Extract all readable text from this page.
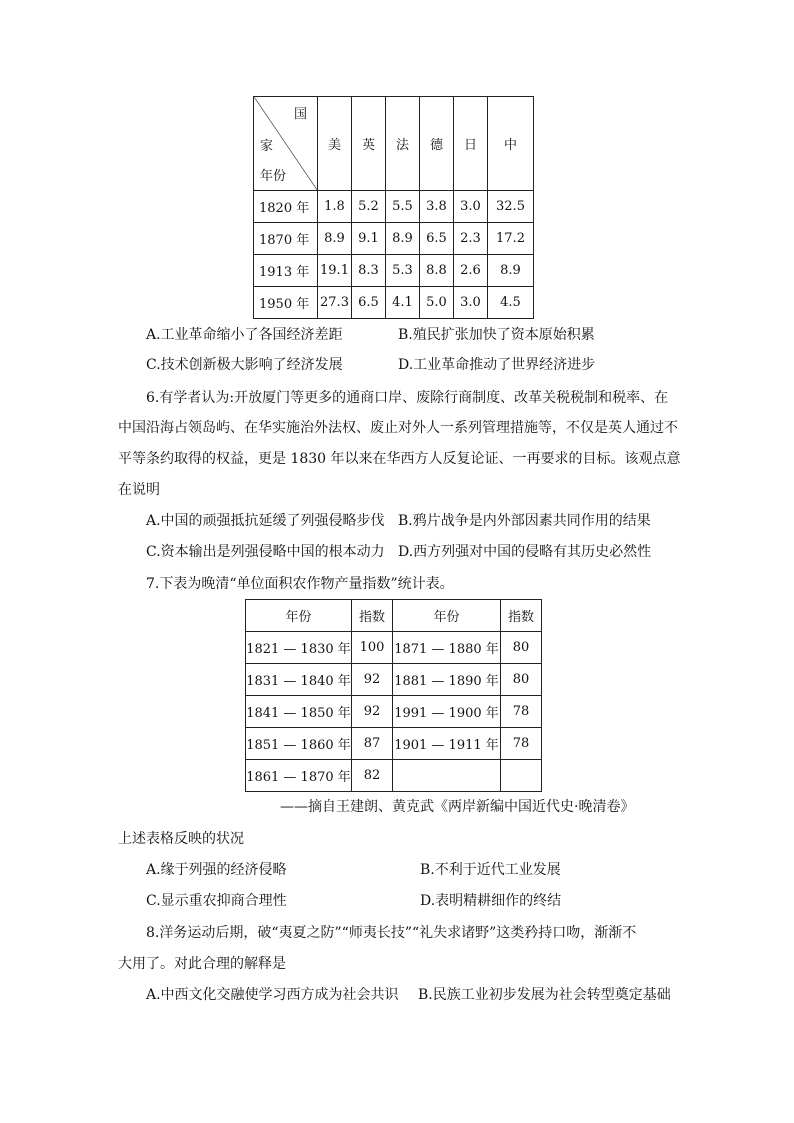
国
家
年份	美	英	法	德	日	中
1820 年	1.8	5.2	5.5	3.8	3.0	32.5
1870 年	8.9	9.1	8.9	6.5	2.3	17.2
1913 年	19.1	8.3	5.3	8.8	2.6	8.9
1950 年	27.3	6.5	4.1	5.0	3.0	4.5
A.工业革命缩小了各国经济差距	B.殖民扩张加快了资本原始积累
C.技术创新极大影响了经济发展	D.工业革命推动了世界经济进步
6.有学者认为:开放厦门等更多的通商口岸、废除行商制度、改革关税税制和税率、在
中国沿海占领岛屿、在华实施治外法权、废止对外人一系列管理措施等，不仅是英人通过不
平等条约取得的权益，更是 1830 年以来在华西方人反复论证、一再要求的目标。该观点意
在说明
A.中国的顽强抵抗延缓了列强侵略步伐 B.鸦片战争是内外部因素共同作用的结果
C.资本输出是列强侵略中国的根本动力 D.西方列强对中国的侵略有其历史必然性
7.下表为晚清“单位面积农作物产量指数”统计表。
年份	指数	年份	指数
1821 — 1830 年	100	1871 — 1880 年	80
1831 — 1840 年	92	1881 — 1890 年	80
1841 — 1850 年	92	1991 — 1900 年	78
1851 — 1860 年	87	1901 — 1911 年	78
1861 — 1870 年	82		
——摘自王建朗、黄克武《两岸新编中国近代史·晚清卷》
上述表格反映的状况
A.缘于列强的经济侵略	B.不利于近代工业发展
C.显示重农抑商合理性	D.表明精耕细作的终结
8.洋务运动后期，破“夷夏之防”“师夷长技”“礼失求诸野”这类矜持口吻，渐渐不
大用了。对此合理的解释是
A.中西文化交融使学习西方成为社会共识 B.民族工业初步发展为社会转型奠定基础
